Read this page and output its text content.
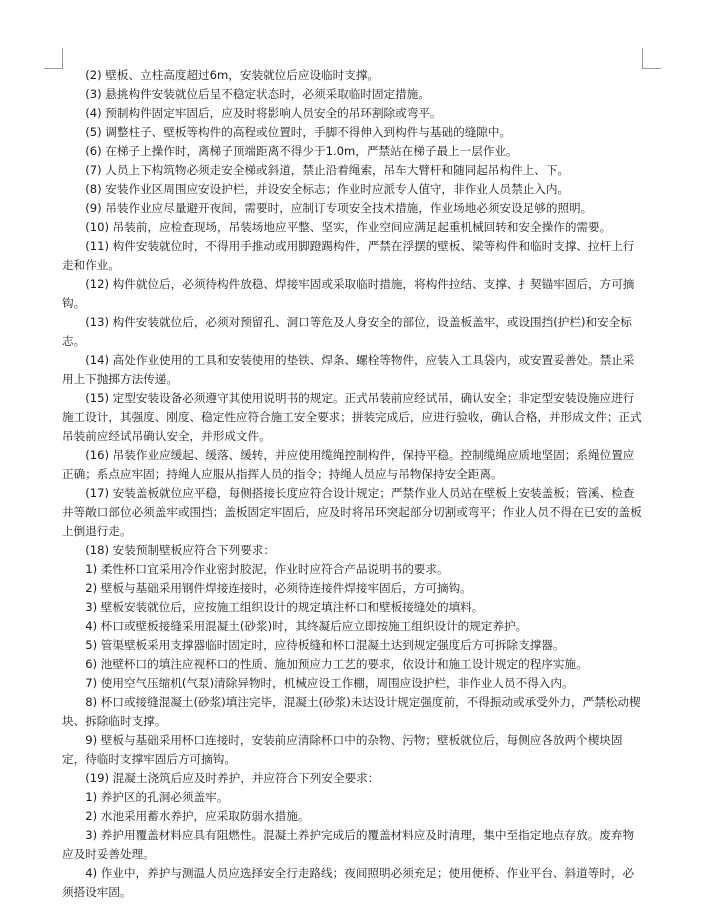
(2) 壁板、立柱高度超过6m，安装就位后应设临时支撑。

(3) 悬挑构件安装就位后呈不稳定状态时，必须采取临时固定措施。

(4) 预制构件固定牢固后，应及时将影响人员安全的吊环割除或弯平。

(5) 调整柱子、壁板等构件的高程或位置时，手脚不得伸入到构件与基础的缝隙中。

(6) 在梯子上操作时，离梯子顶端距离不得少于1.0m，严禁站在梯子最上一层作业。

(7) 人员上下构筑物必须走安全梯或斜道，禁止沿着绳索，吊车大臂杆和随同起吊构件上、下。

(8) 安装作业区周围应安设护栏，并设安全标志；作业时应派专人值守，非作业人员禁止入内。

(9) 吊装作业应尽量避开夜间，需要时，应制订专项安全技术措施，作业场地必须安设足够的照明。

(10) 吊装前，应检查现场，吊装场地应平整、坚实，作业空间应满足起重机械回转和安全操作的需要。

(11) 构件安装就位时，不得用手推动或用脚蹬踢构件，严禁在浮摆的壁板、梁等构件和临时支撑、拉杆上行走和作业。

(12) 构件就位后，必须待构件放稳、焊接牢固或采取临时措施，将构件拉结、支撑、扌契锚牢固后，方可摘钩。

(13) 构件安装就位后，必须对预留孔、洞口等危及人身安全的部位，设盖板盖牢，或设围挡(护栏)和安全标志。

(14) 高处作业使用的工具和安装使用的垫铁、焊条、螺栓等物件，应装入工具袋内，或安置妥善处。禁止采用上下抛掷方法传递。

(15) 定型安装设备必须遵守其使用说明书的规定。正式吊装前应经试吊，确认安全；非定型安装设施应进行施工设计，其强度、刚度、稳定性应符合施工安全要求；拼装完成后，应进行验收，确认合格，并形成文件；正式吊装前应经试吊确认安全，并形成文件。

(16) 吊装作业应缓起、缓落、缓转，并应使用缆绳控制构件，保持平稳。控制缆绳应质地坚固；系绳位置应正确；系点应牢固；持绳人应服从指挥人员的指令；持绳人员应与吊物保持安全距离。

(17) 安装盖板就位应平稳，每侧搭接长度应符合设计规定；严禁作业人员站在壁板上安装盖板；管溪、检查井等敞口部位必须盖牢或围挡；盖板固定牢固后，应及时将吊环突起部分切割或弯平；作业人员不得在已安的盖板上倒退行走。

(18) 安装预制壁板应符合下列要求：

1) 柔性杯口宜采用冷作业密封胶泥，作业时应符合产品说明书的要求。

2) 壁板与基础采用钢件焊接连接时，必须待连接件焊接牢固后，方可摘钩。

3) 壁板安装就位后，应按施工组织设计的规定填注杯口和壁板接缝处的填料。

4) 杯口或壁板接缝采用混凝土(砂浆)时，其终凝后应立即按施工组织设计的规定养护。

5) 管渠壁板采用支撑器临时固定时，应待板缝和杯口混凝土达到规定强度后方可拆除支撑器。

6) 池壁杯口的填注应视杯口的性质、施加预应力工艺的要求，依设计和施工设计规定的程序实施。

7) 使用空气压缩机(气泵)清除异物时，机械应设工作棚，周围应设护栏，非作业人员不得入内。

8) 杯口或接缝混凝土(砂浆)填注完毕，混凝土(砂浆)未达设计规定强度前，不得振动或承受外力，严禁松动楔块、拆除临时支撑。

9) 壁板与基础采用杯口连接时，安装前应清除杯口中的杂物、污物；壁板就位后，每侧应各放两个楔块固定，待临时支撑牢固后方可摘钩。

(19) 混凝土浇筑后应及时养护，并应符合下列安全要求：

1) 养护区的孔洞必须盖牢。

2) 水池采用蓄水养护，应采取防弱水措施。

3) 养护用覆盖材料应具有阻燃性。混凝土养护完成后的覆盖材料应及时清理，集中至指定地点存放。废弃物应及时妥善处理。

4) 作业中，养护与测温人员应选择安全行走路线；夜间照明必须充足；使用便桥、作业平台、斜道等时，必须搭设牢固。
